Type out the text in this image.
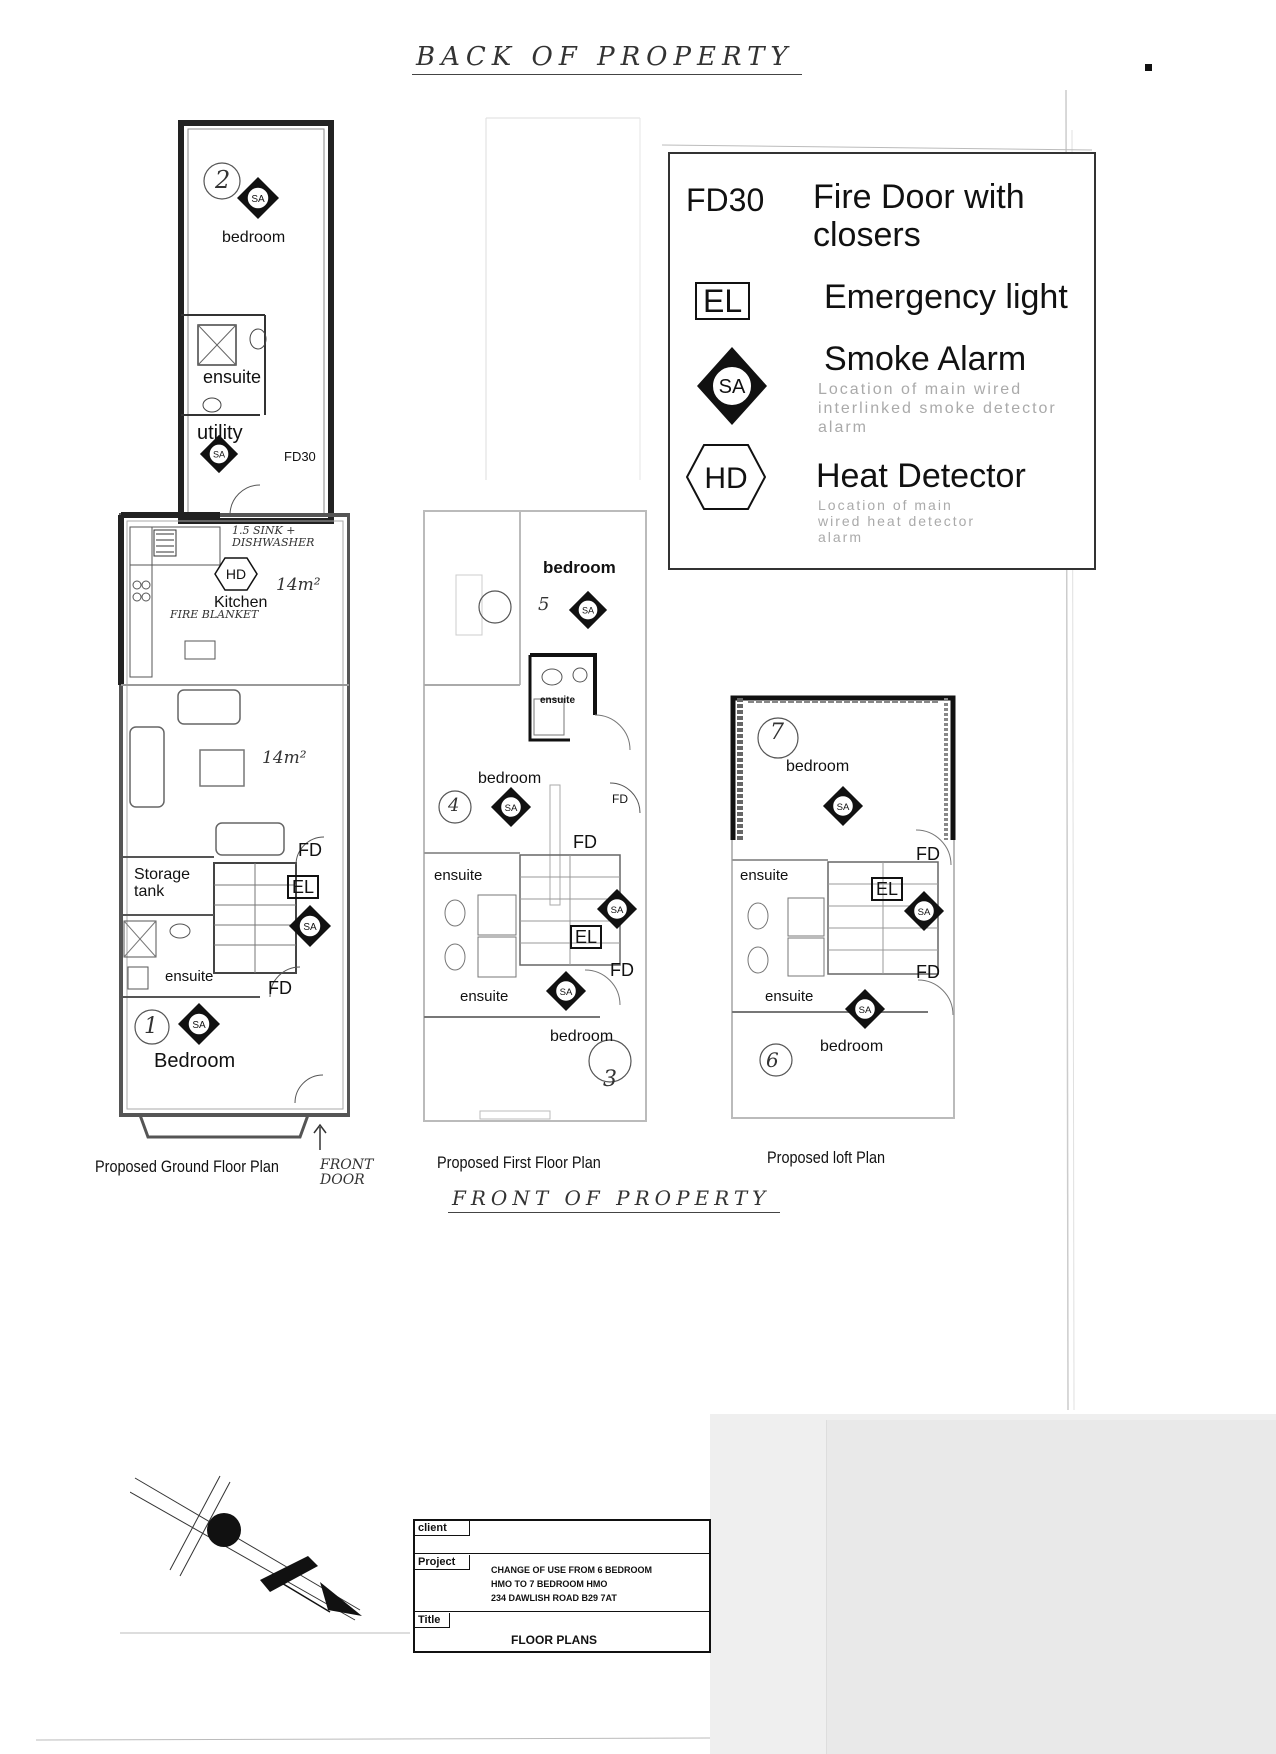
BACK OF PROPERTY
SA
SA
HD
SA
SA
2
bedroom
ensuite
utility
FD30
1.5 SINK + DISHWASHER
Kitchen
14m²
FIRE BLANKET
14m²
Storage tank
FD
EL
ensuite
FD
1
Bedroom
Proposed Ground Floor Plan	FRONT DOOR
SA
SA
SA
SA
bedroom
5
ensuite
FD
bedroom
4
FD
ensuite
EL
FD
ensuite
bedroom
3
Proposed First Floor Plan
FRONT OF PROPERTY
SA
SA
SA
7
bedroom
FD
ensuite
EL
FD
ensuite
bedroom
6
Proposed loft Plan
FD30 Fire Door with closers
EL Emergency light
SA
Smoke Alarm
Location of main wired interlinked smoke detector alarm
HD Heat Detector
Location of main wired heat detector alarm
client
Project
CHANGE OF USE FROM 6 BEDROOM
HMO TO 7 BEDROOM HMO
234 DAWLISH ROAD B29 7AT
Title
FLOOR PLANS
